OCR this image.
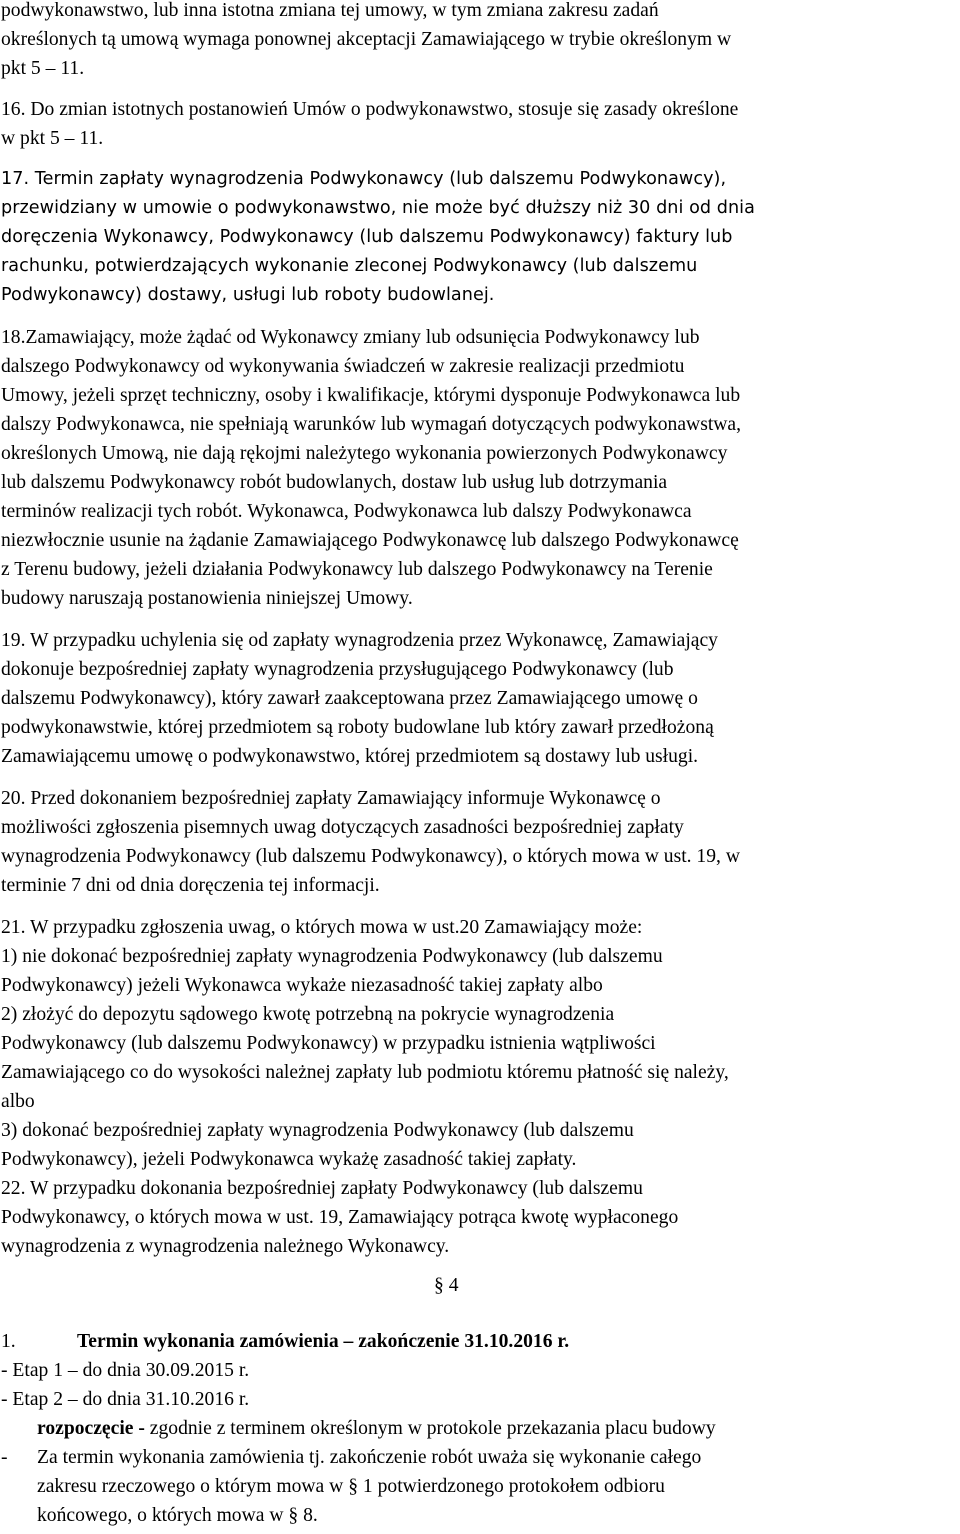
podwykonawstwo, lub inna istotna zmiana tej umowy, w tym zmiana zakresu zadań
określonych tą umową wymaga ponownej akceptacji Zamawiającego w trybie określonym w
pkt 5 – 11.
16. Do zmian istotnych postanowień Umów o podwykonawstwo, stosuje się zasady określone
w pkt 5 – 11.
17. Termin zapłaty wynagrodzenia Podwykonawcy (lub dalszemu Podwykonawcy),
przewidziany w umowie o podwykonawstwo, nie może być dłuższy niż 30 dni od dnia
doręczenia Wykonawcy, Podwykonawcy (lub dalszemu Podwykonawcy) faktury lub
rachunku, potwierdzających wykonanie zleconej Podwykonawcy (lub dalszemu
Podwykonawcy) dostawy, usługi lub roboty budowlanej.
18.Zamawiający, może żądać od Wykonawcy zmiany lub odsunięcia Podwykonawcy lub
dalszego Podwykonawcy od wykonywania świadczeń w zakresie realizacji przedmiotu
Umowy, jeżeli sprzęt techniczny, osoby i kwalifikacje, którymi dysponuje Podwykonawca lub
dalszy Podwykonawca, nie spełniają warunków lub wymagań dotyczących podwykonawstwa,
określonych Umową, nie dają rękojmi należytego wykonania powierzonych Podwykonawcy
lub dalszemu Podwykonawcy robót budowlanych, dostaw lub usług lub dotrzymania
terminów realizacji tych robót. Wykonawca, Podwykonawca lub dalszy Podwykonawca
niezwłocznie usunie na żądanie Zamawiającego Podwykonawcę lub dalszego Podwykonawcę
z Terenu budowy, jeżeli działania Podwykonawcy lub dalszego Podwykonawcy na Terenie
budowy naruszają postanowienia niniejszej Umowy.
19. W przypadku uchylenia się od zapłaty wynagrodzenia przez Wykonawcę, Zamawiający
dokonuje bezpośredniej zapłaty wynagrodzenia przysługującego Podwykonawcy (lub
dalszemu Podwykonawcy), który zawarł zaakceptowana przez Zamawiającego umowę o
podwykonawstwie, której przedmiotem są roboty budowlane lub który zawarł przedłożoną
Zamawiającemu umowę o podwykonawstwo, której przedmiotem są dostawy lub usługi.
20. Przed dokonaniem bezpośredniej zapłaty Zamawiający informuje Wykonawcę o
możliwości zgłoszenia pisemnych uwag dotyczących zasadności bezpośredniej zapłaty
wynagrodzenia Podwykonawcy (lub dalszemu Podwykonawcy), o których mowa w ust. 19, w
terminie 7 dni od dnia doręczenia tej informacji.
21. W przypadku zgłoszenia uwag, o których mowa w ust.20 Zamawiający może:
1) nie dokonać bezpośredniej zapłaty wynagrodzenia Podwykonawcy (lub dalszemu
Podwykonawcy) jeżeli Wykonawca wykaże niezasadność takiej zapłaty albo
2) złożyć do depozytu sądowego kwotę potrzebną na pokrycie wynagrodzenia
Podwykonawcy (lub dalszemu Podwykonawcy) w przypadku istnienia wątpliwości
Zamawiającego co do wysokości należnej zapłaty lub podmiotu któremu płatność się należy,
albo
3) dokonać bezpośredniej zapłaty wynagrodzenia Podwykonawcy (lub dalszemu
Podwykonawcy), jeżeli Podwykonawca wykażę zasadność takiej zapłaty.
22. W przypadku dokonania bezpośredniej zapłaty Podwykonawcy (lub dalszemu
Podwykonawcy, o których mowa w ust. 19, Zamawiający potrąca kwotę wypłaconego
wynagrodzenia z wynagrodzenia należnego Wykonawcy.
§ 4
1.	Termin wykonania zamówienia – zakończenie 31.10.2016 r.
- Etap 1 – do dnia 30.09.2015 r.
- Etap 2 – do dnia 31.10.2016 r.
rozpoczęcie - zgodnie z terminem określonym w protokole przekazania placu budowy
- Za termin wykonania zamówienia tj. zakończenie robót uważa się wykonanie całego
zakresu rzeczowego o którym mowa w § 1 potwierdzonego protokołem odbioru
końcowego, o których mowa w § 8.
